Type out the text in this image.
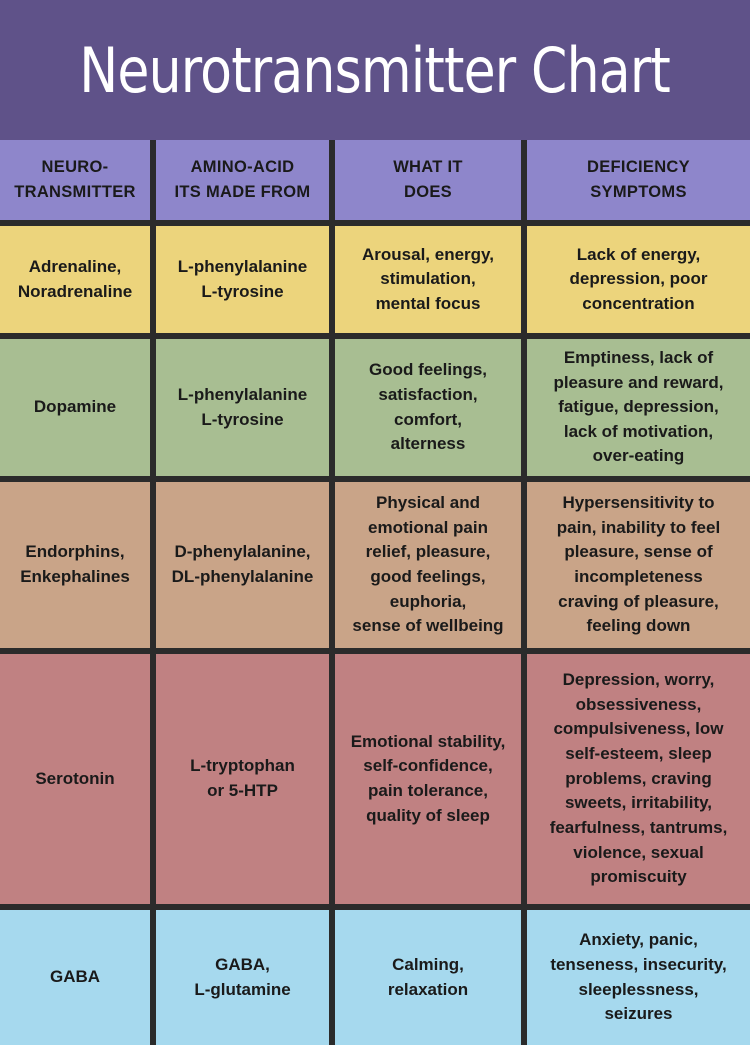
Neurotransmitter Chart
NEURO-
TRANSMITTER
AMINO-ACID
ITS MADE FROM
WHAT IT
DOES
DEFICIENCY
SYMPTOMS
Adrenaline,
Noradrenaline
L-phenylalanine
L-tyrosine
Arousal, energy,
stimulation,
mental focus
Lack of energy,
depression, poor
concentration
Dopamine
L-phenylalanine
L-tyrosine
Good feelings,
satisfaction,
comfort,
alterness
Emptiness, lack of
pleasure and reward,
fatigue, depression,
lack of motivation,
over-eating
Endorphins,
Enkephalines
D-phenylalanine,
DL-phenylalanine
Physical and
emotional pain
relief, pleasure,
good feelings,
euphoria,
sense of wellbeing
Hypersensitivity to
pain, inability to feel
pleasure, sense of
incompleteness
craving of pleasure,
feeling down
Serotonin
L-tryptophan
or 5-HTP
Emotional stability,
self-confidence,
pain tolerance,
quality of sleep
Depression, worry,
obsessiveness,
compulsiveness, low
self-esteem, sleep
problems, craving
sweets, irritability,
fearfulness, tantrums,
violence, sexual
promiscuity
GABA
GABA,
L-glutamine
Calming,
relaxation
Anxiety, panic,
tenseness, insecurity,
sleeplessness,
seizures
